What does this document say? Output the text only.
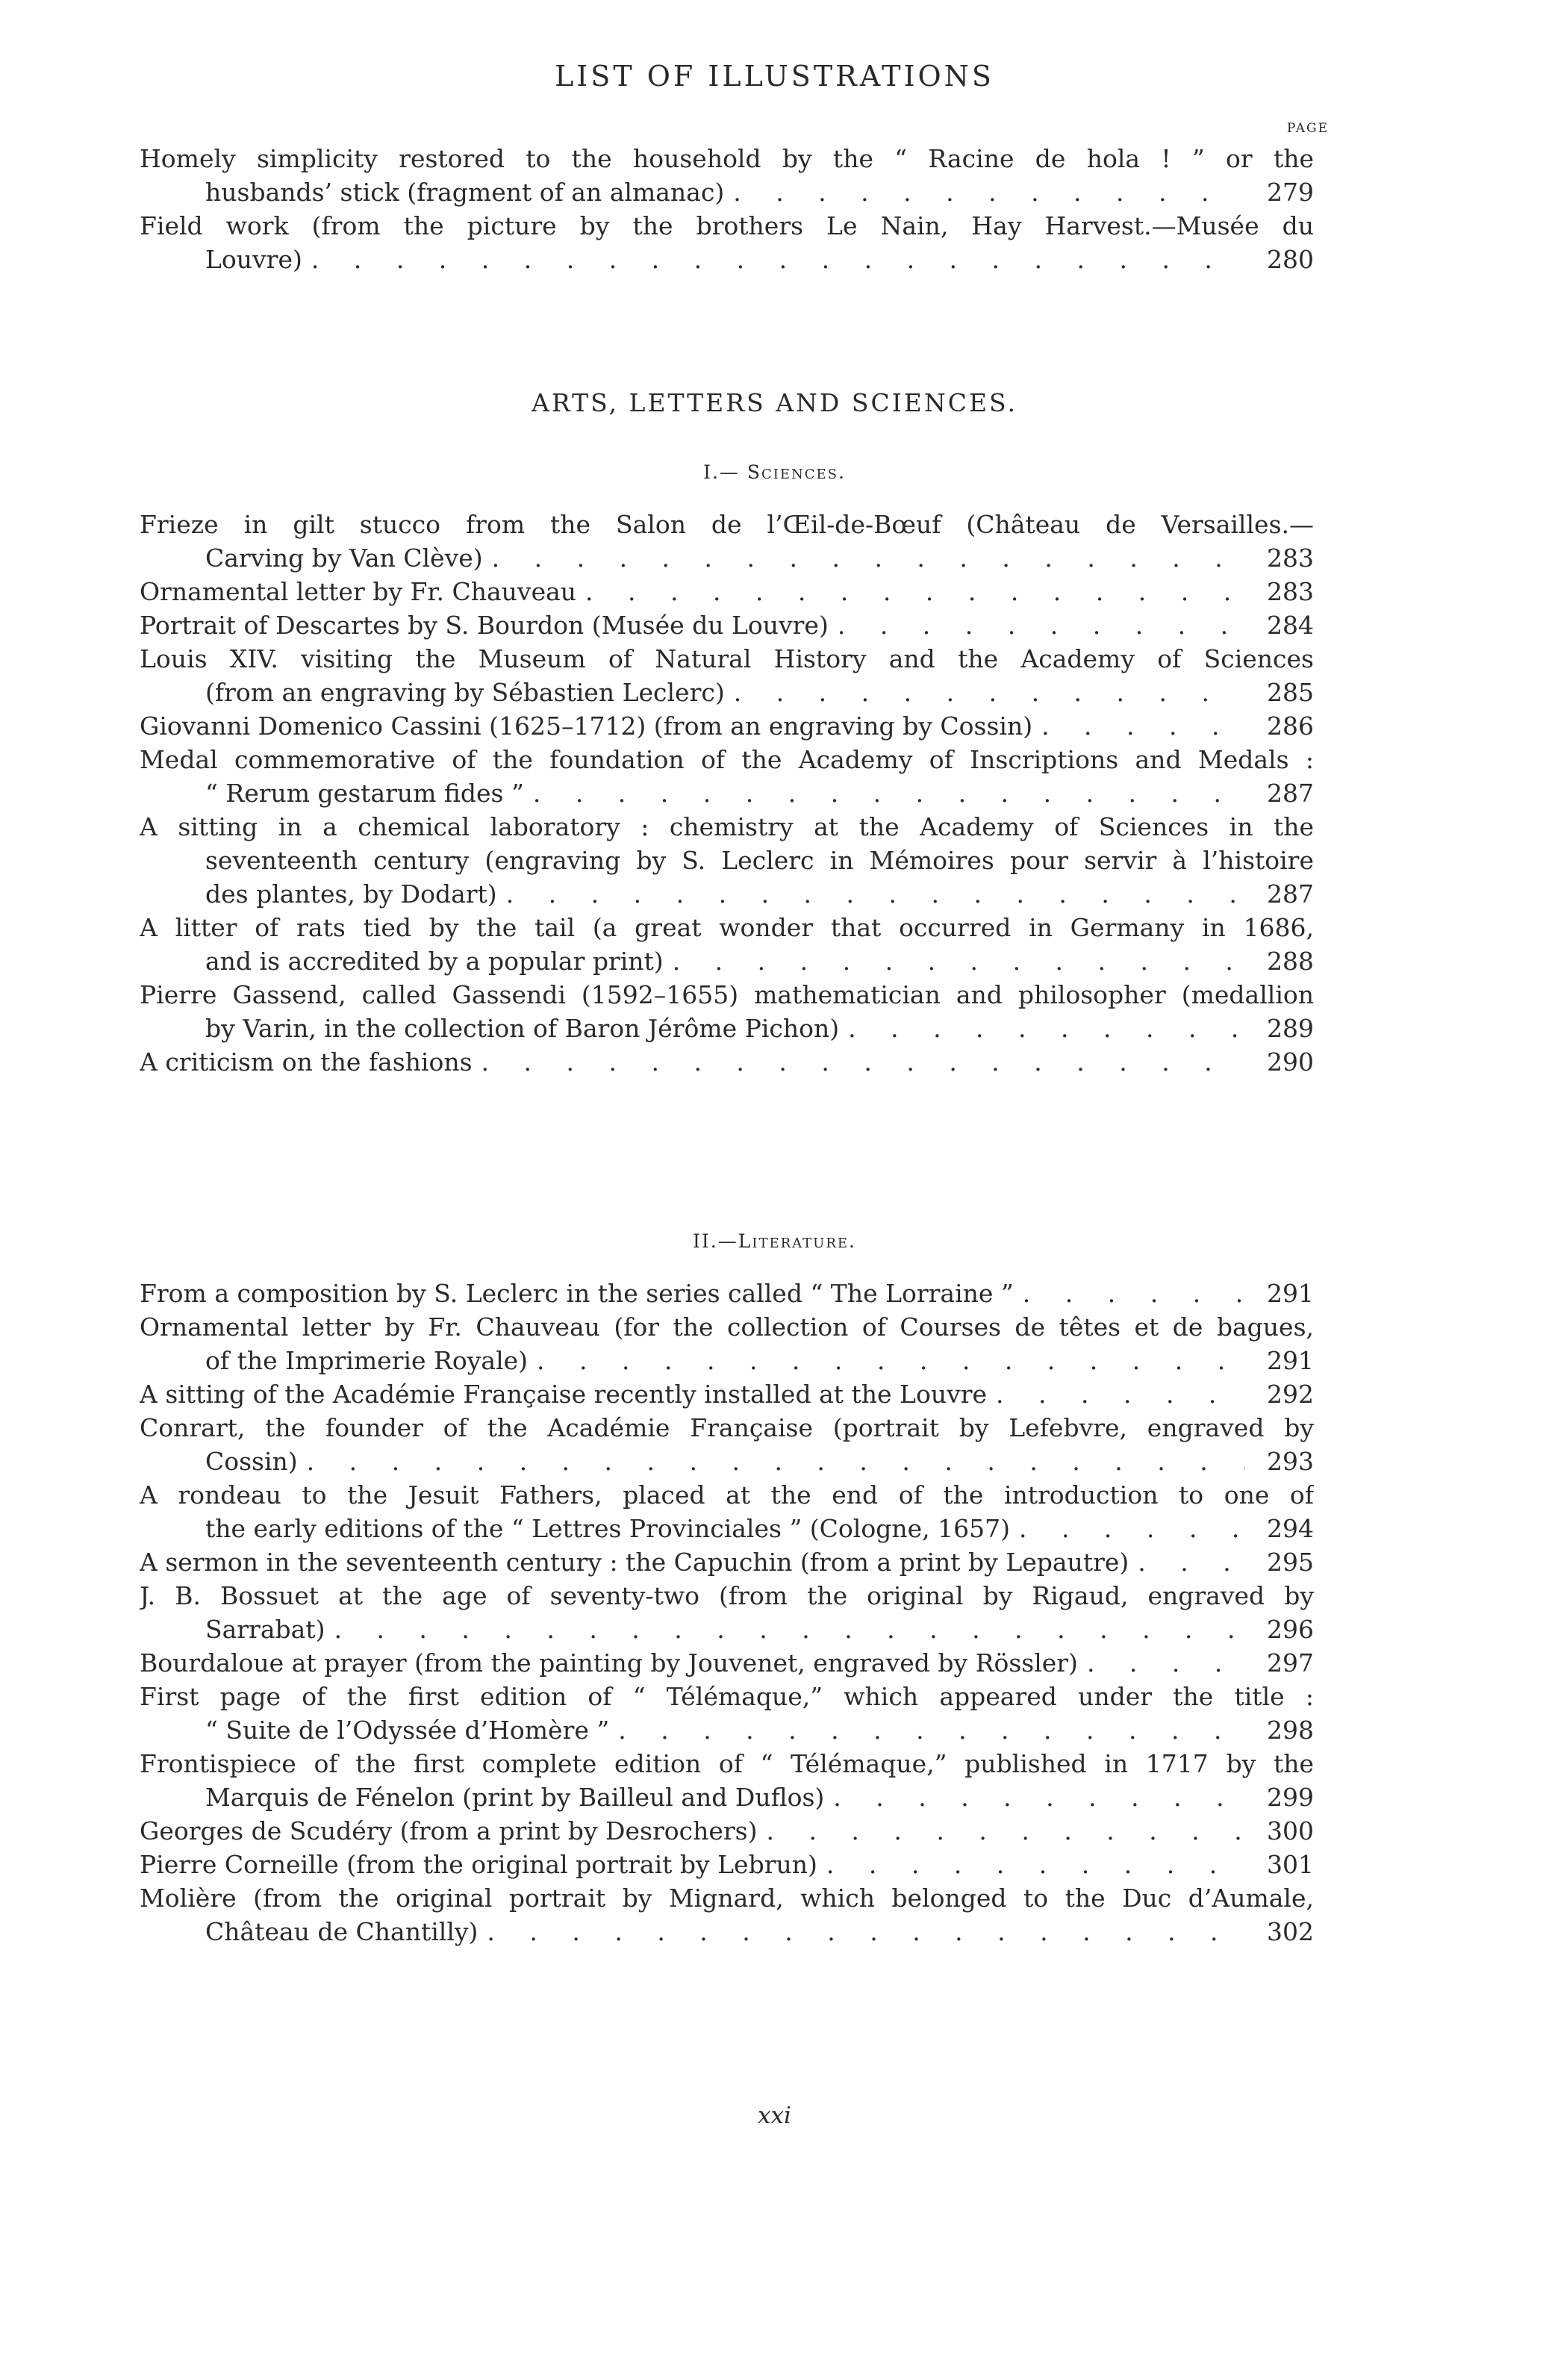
LIST OF ILLUSTRATIONS
PAGE
Homely simplicity restored to the household by the “ Racine de hola ! ” or the
husbands’ stick (fragment of an almanac) . . .	279
Field work (from the picture by the brothers Le Nain, Hay Harvest.—Musée du
Louvre) . . .	280
ARTS, LETTERS AND SCIENCES.
I.— Sciences.
Frieze in gilt stucco from the Salon de l’Œil-de-Bœuf (Château de Versailles.—
Carving by Van Clève) . . .	283
Ornamental letter by Fr. Chauveau . . .	283
Portrait of Descartes by S. Bourdon (Musée du Louvre) . . .	284
Louis XIV. visiting the Museum of Natural History and the Academy of Sciences
(from an engraving by Sébastien Leclerc) . . .	285
Giovanni Domenico Cassini (1625–1712) (from an engraving by Cossin) . . .	286
Medal commemorative of the foundation of the Academy of Inscriptions and Medals :
“ Rerum gestarum fides ” . . .	287
A sitting in a chemical laboratory : chemistry at the Academy of Sciences in the
seventeenth century (engraving by S. Leclerc in Mémoires pour servir à l’histoire
des plantes, by Dodart) . . .	287
A litter of rats tied by the tail (a great wonder that occurred in Germany in 1686,
and is accredited by a popular print) . . .	288
Pierre Gassend, called Gassendi (1592–1655) mathematician and philosopher (medallion
by Varin, in the collection of Baron Jérôme Pichon) . . .	289
A criticism on the fashions . . .	290
II.—Literature.
From a composition by S. Leclerc in the series called “ The Lorraine ” . . .	291
Ornamental letter by Fr. Chauveau (for the collection of Courses de têtes et de bagues,
of the Imprimerie Royale) . . .	291
A sitting of the Académie Française recently installed at the Louvre . . .	292
Conrart, the founder of the Académie Française (portrait by Lefebvre, engraved by
Cossin) . . .	293
A rondeau to the Jesuit Fathers, placed at the end of the introduction to one of
the early editions of the “ Lettres Provinciales ” (Cologne, 1657) . . .	294
A sermon in the seventeenth century : the Capuchin (from a print by Lepautre) . . .	295
J. B. Bossuet at the age of seventy-two (from the original by Rigaud, engraved by
Sarrabat) . . .	296
Bourdaloue at prayer (from the painting by Jouvenet, engraved by Rössler) . . .	297
First page of the first edition of “ Télémaque,” which appeared under the title :
“ Suite de l’Odyssée d’Homère ” . . .	298
Frontispiece of the first complete edition of “ Télémaque,” published in 1717 by the
Marquis de Fénelon (print by Bailleul and Duflos) . . .	299
Georges de Scudéry (from a print by Desrochers) . . .	300
Pierre Corneille (from the original portrait by Lebrun) . . .	301
Molière (from the original portrait by Mignard, which belonged to the Duc d’Aumale,
Château de Chantilly) . . .	302
xxi
